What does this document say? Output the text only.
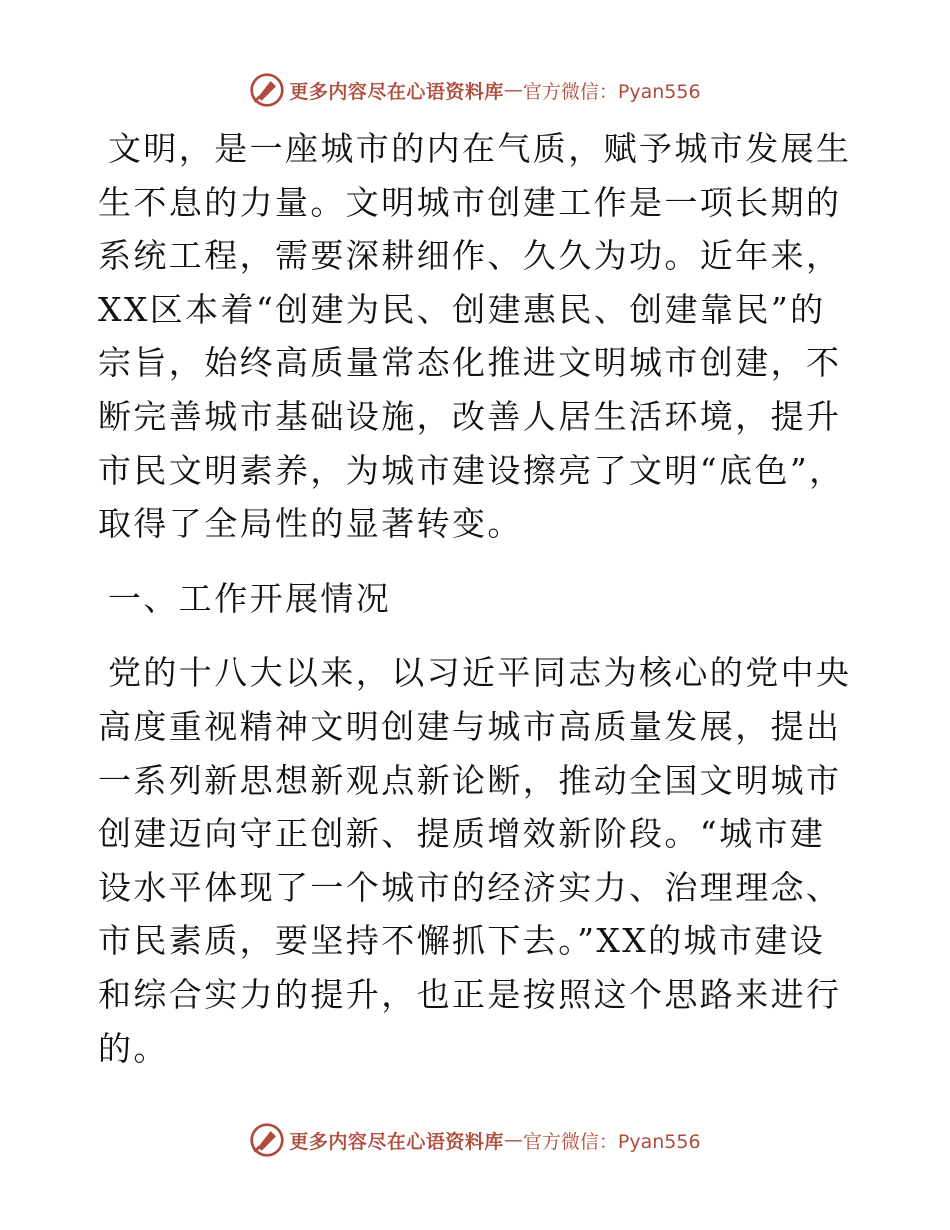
更多内容尽在心语资料库 — 官方微信：Pyan556

文明，是一座城市的内在气质，赋予城市发展生生不息的力量。文明城市创建工作是一项长期的系统工程，需要深耕细作、久久为功。近年来，XX区本着“创建为民、创建惠民、创建靠民”的宗旨，始终高质量常态化推进文明城市创建，不断完善城市基础设施，改善人居生活环境，提升市民文明素养，为城市建设擦亮了文明“底色”，取得了全局性的显著转变。

一、工作开展情况

党的十八大以来，以习近平同志为核心的党中央高度重视精神文明创建与城市高质量发展，提出一系列新思想新观点新论断，推动全国文明城市创建迈向守正创新、提质增效新阶段。“城市建设水平体现了一个城市的经济实力、治理理念、市民素质，要坚持不懈抓下去。”XX的城市建设和综合实力的提升，也正是按照这个思路来进行的。

更多内容尽在心语资料库 — 官方微信：Pyan556
